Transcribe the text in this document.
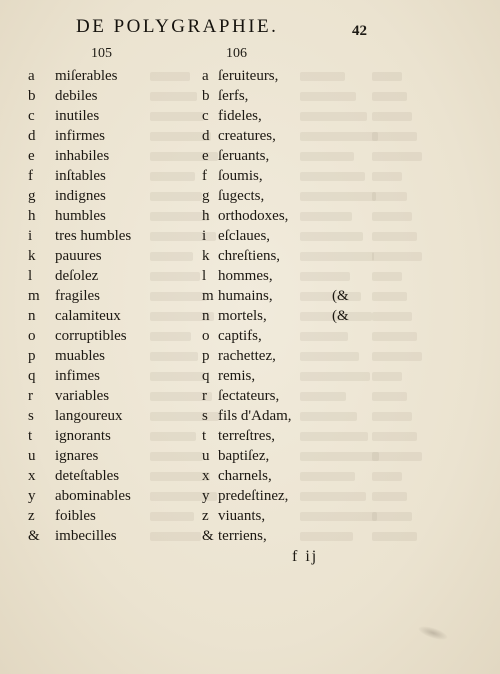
DE POLYGRAPHIE.	42
105	106
a miſerables	a ſeruiteurs,
b debiles	b ſerfs,
c inutiles	c fideles,
d infirmes	d creatures,
e inhabiles	e ſeruants,
f inſtables	f ſoumis,
g indignes	g ſugects,
h humbles	h orthodoxes,
i tres humbles	i eſclaues,
k pauures	k chreſtiens,
l deſolez	l hommes,
m fragiles	m humains,	(&
n calamiteux	n mortels,	(&
o corruptibles	o captifs,
p muables	p rachettez,
q infimes	q remis,
r variables	r ſectateurs,
s langoureux	s fils d'Adam,
t ignorants	t terreſtres,
u ignares	u baptiſez,
x deteſtables	x charnels,
y abominables	y predeſtinez,
z foibles	z viuants,
& imbecilles	& terriens,
f ij
